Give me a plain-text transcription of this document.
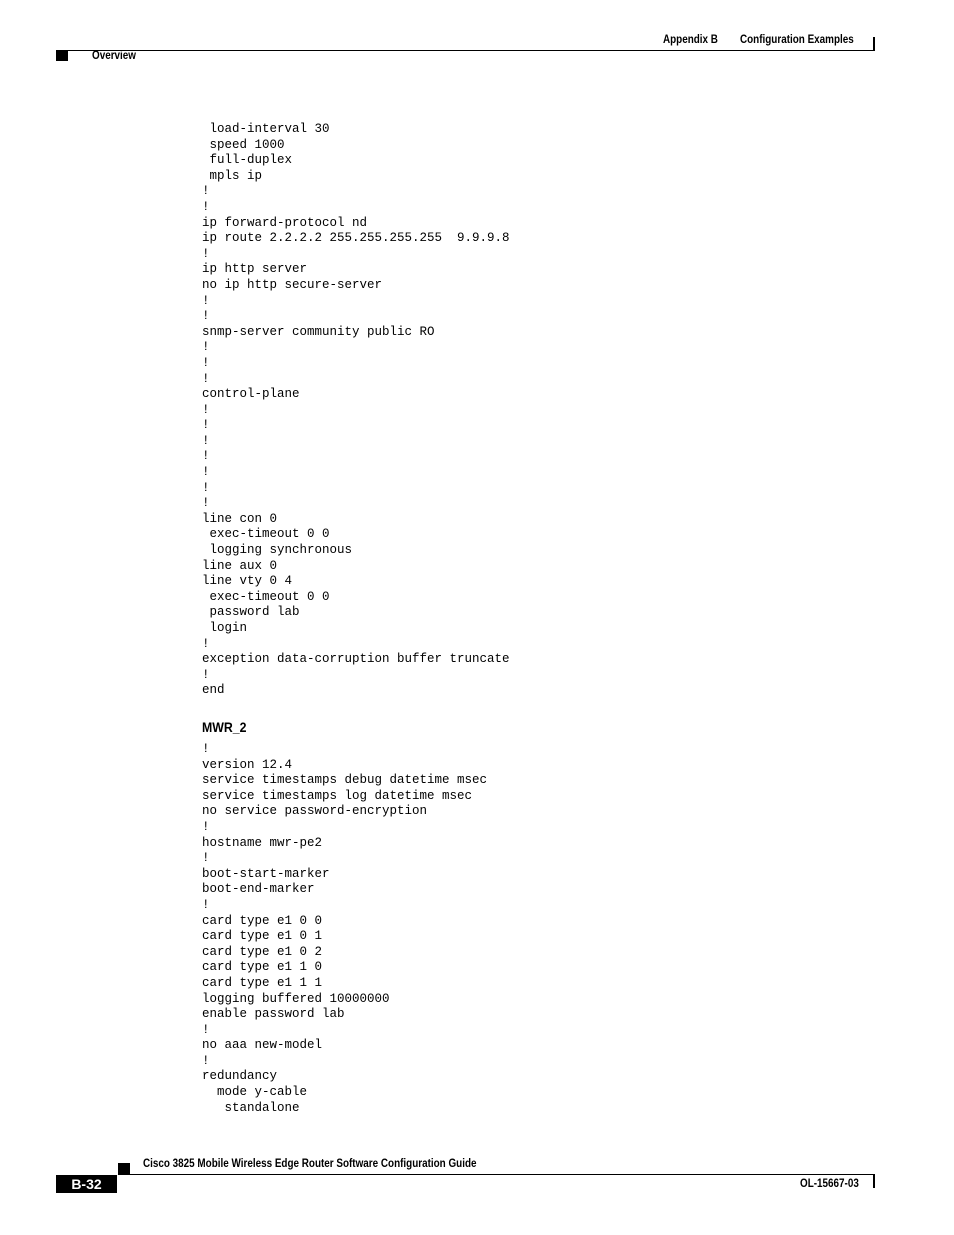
Appendix B Configuration Examples
Overview
load-interval 30
speed 1000
full-duplex
mpls ip
!
!
ip forward-protocol nd
ip route 2.2.2.2 255.255.255.255  9.9.9.8
!
ip http server
no ip http secure-server
!
!
snmp-server community public RO
!
!
!
control-plane
!
!
!
!
!
!
!
line con 0
exec-timeout 0 0
logging synchronous
line aux 0
line vty 0 4
exec-timeout 0 0
password lab
login
!
exception data-corruption buffer truncate
!
end

MWR_2
!
version 12.4
service timestamps debug datetime msec
service timestamps log datetime msec
no service password-encryption
!
hostname mwr-pe2
!
boot-start-marker
boot-end-marker
!
card type e1 0 0
card type e1 0 1
card type e1 0 2
card type e1 1 0
card type e1 1 1
logging buffered 10000000
enable password lab
!
no aaa new-model
!
redundancy
mode y-cable
standalone

Cisco 3825 Mobile Wireless Edge Router Software Configuration Guide
B-32	OL-15667-03
